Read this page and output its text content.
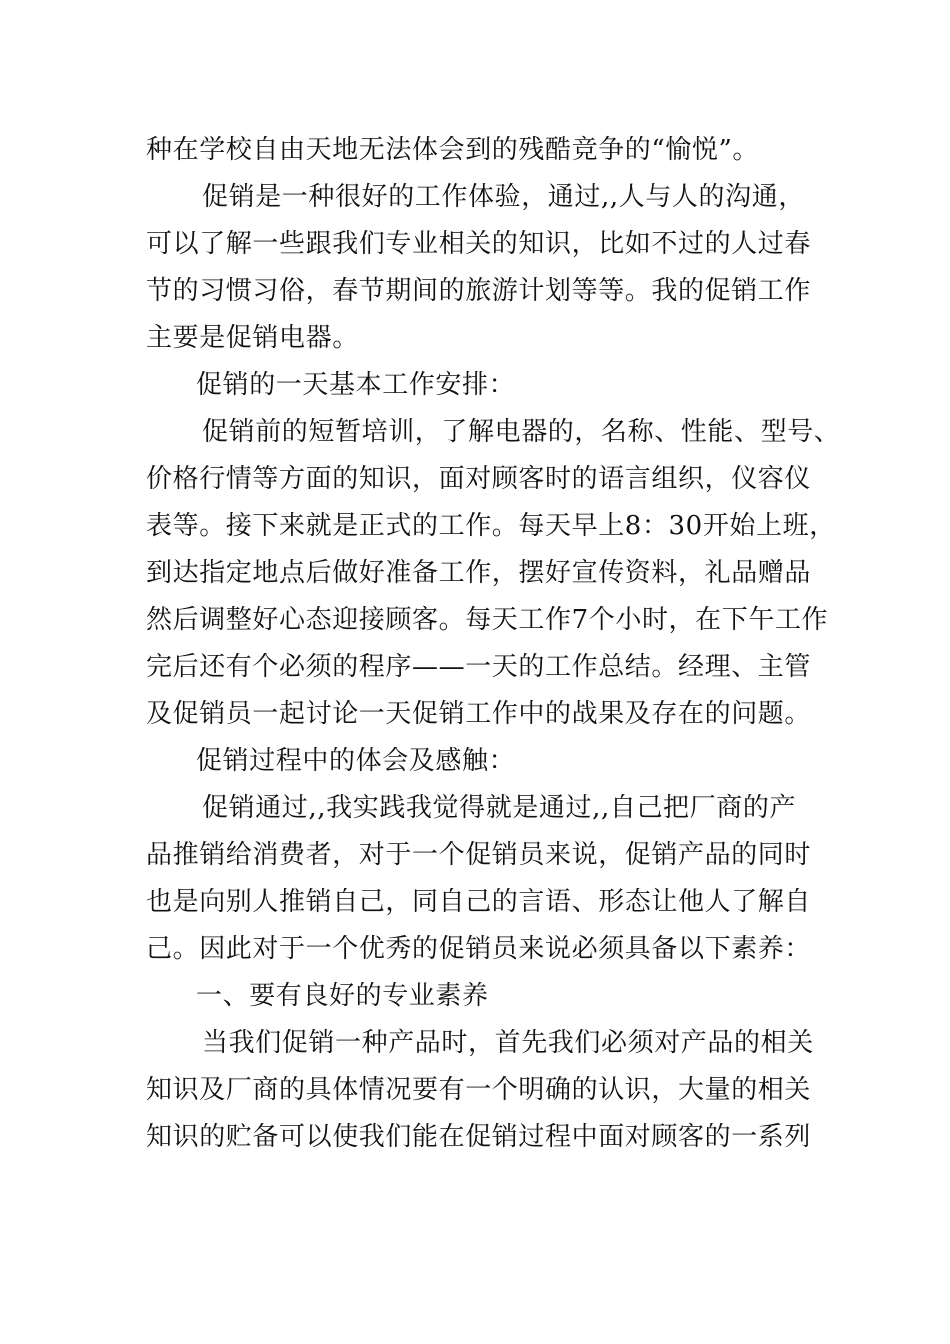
种在学校自由天地无法体会到的残酷竞争的“愉悦”。
促销是一种很好的工作体验，通过,,人与人的沟通，
可以了解一些跟我们专业相关的知识，比如不过的人过春
节的习惯习俗，春节期间的旅游计划等等。我的促销工作
主要是促销电器。
促销的一天基本工作安排：
促销前的短暂培训，了解电器的，名称、性能、型号、
价格行情等方面的知识，面对顾客时的语言组织，仪容仪
表等。接下来就是正式的工作。每天早上8：30开始上班，
到达指定地点后做好准备工作，摆好宣传资料，礼品赠品
然后调整好心态迎接顾客。每天工作7个小时，在下午工作
完后还有个必须的程序——一天的工作总结。经理、主管
及促销员一起讨论一天促销工作中的战果及存在的问题。
促销过程中的体会及感触：
促销通过,,我实践我觉得就是通过,,自己把厂商的产
品推销给消费者，对于一个促销员来说，促销产品的同时
也是向别人推销自己，同自己的言语、形态让他人了解自
己。因此对于一个优秀的促销员来说必须具备以下素养：
一、要有良好的专业素养
当我们促销一种产品时，首先我们必须对产品的相关
知识及厂商的具体情况要有一个明确的认识，大量的相关
知识的贮备可以使我们能在促销过程中面对顾客的一系列
